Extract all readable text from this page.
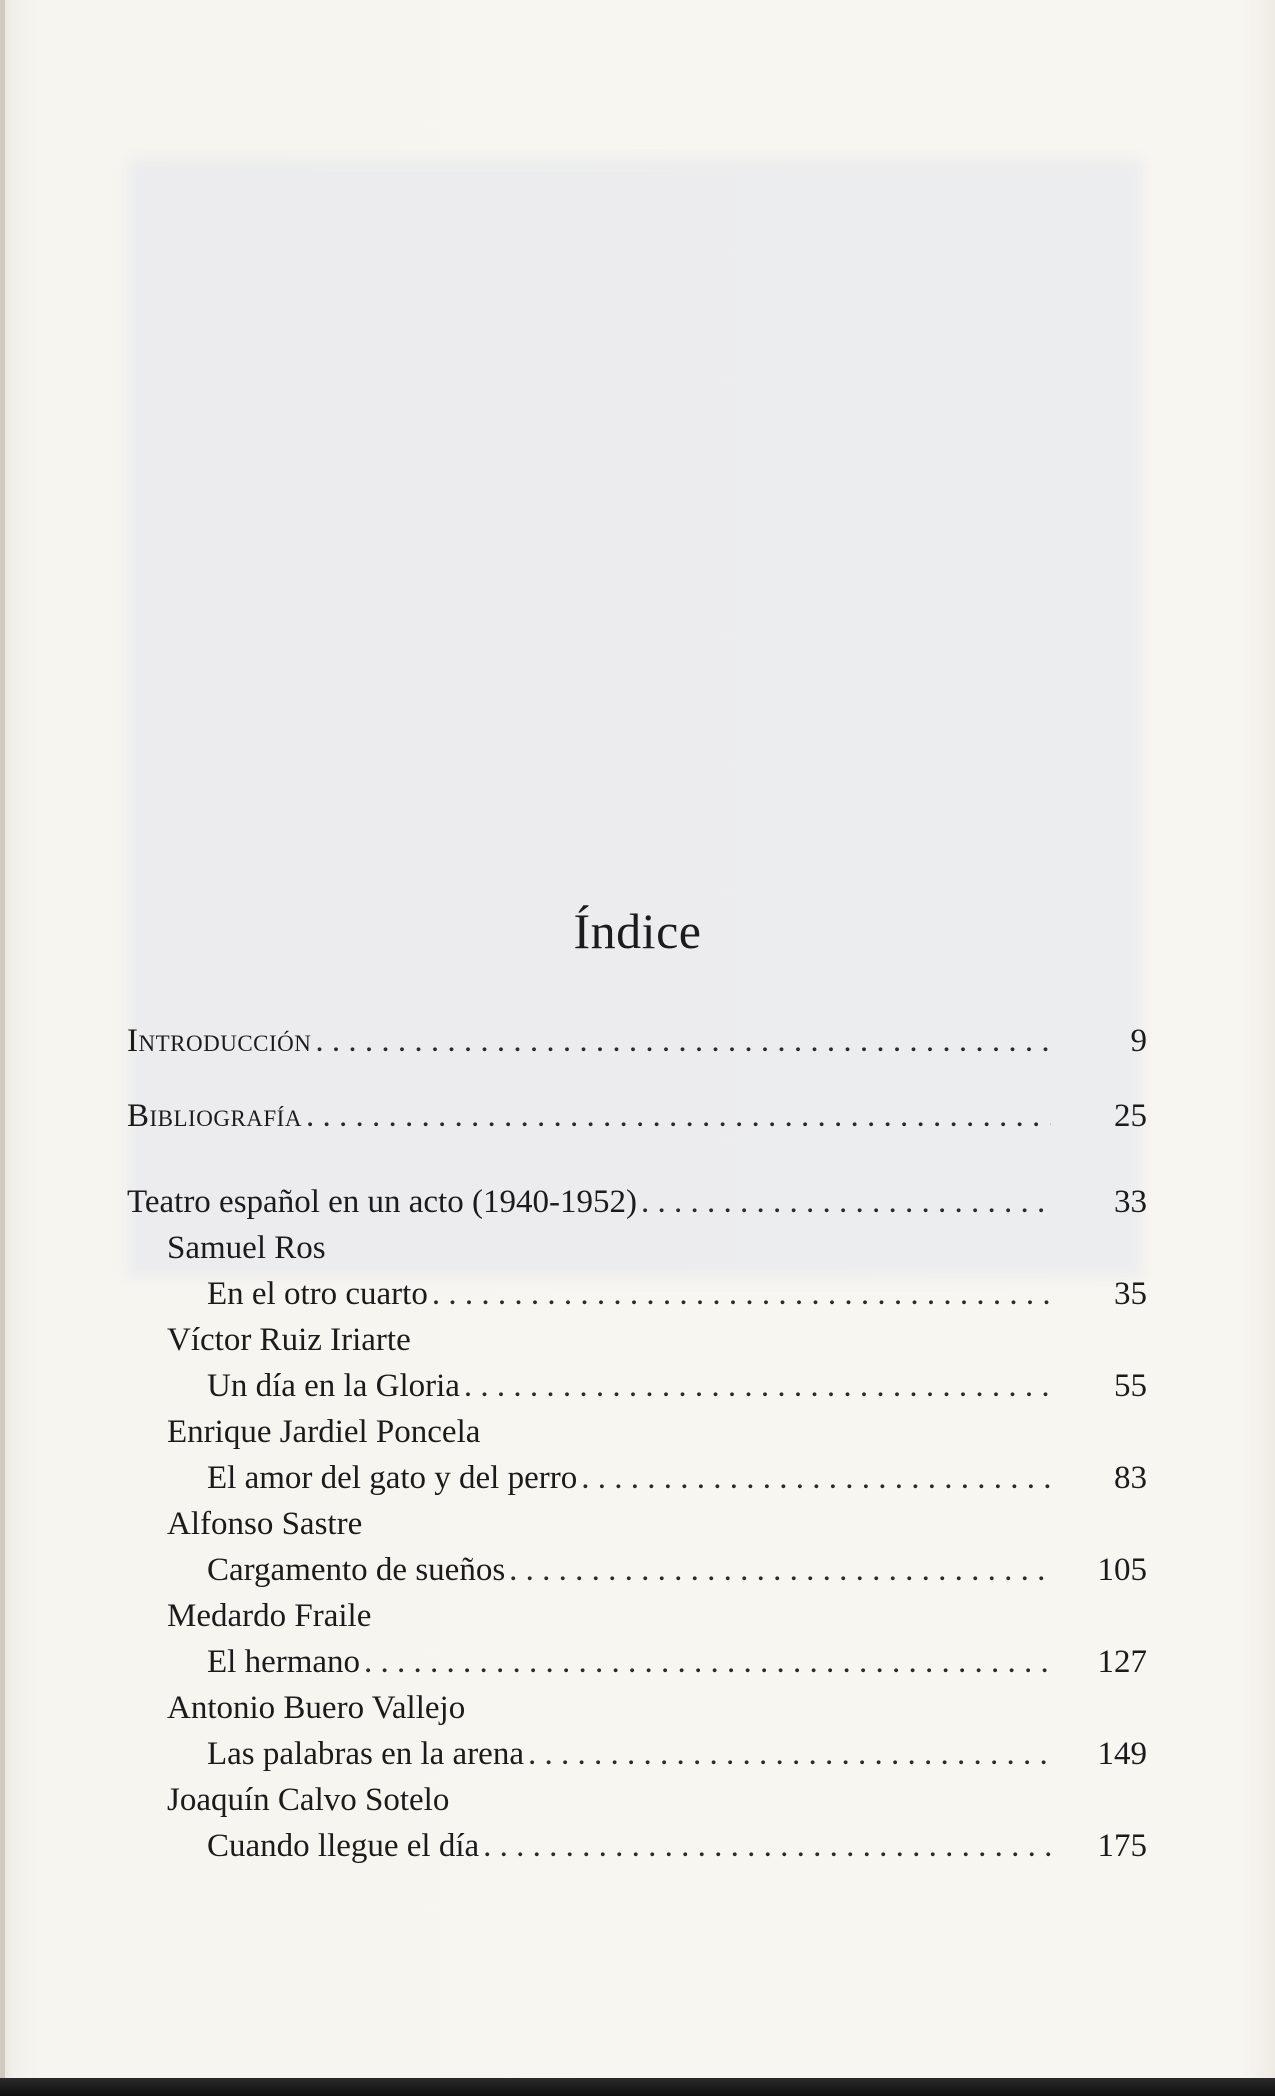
Índice
Introducción . . .	9
Bibliografía . . .	25
Teatro español en un acto (1940-1952) . . .	33
Samuel Ros
En el otro cuarto . . .	35
Víctor Ruiz Iriarte
Un día en la Gloria . . .	55
Enrique Jardiel Poncela
El amor del gato y del perro . . .	83
Alfonso Sastre
Cargamento de sueños . . .	105
Medardo Fraile
El hermano . . .	127
Antonio Buero Vallejo
Las palabras en la arena . . .	149
Joaquín Calvo Sotelo
Cuando llegue el día . . .	175
